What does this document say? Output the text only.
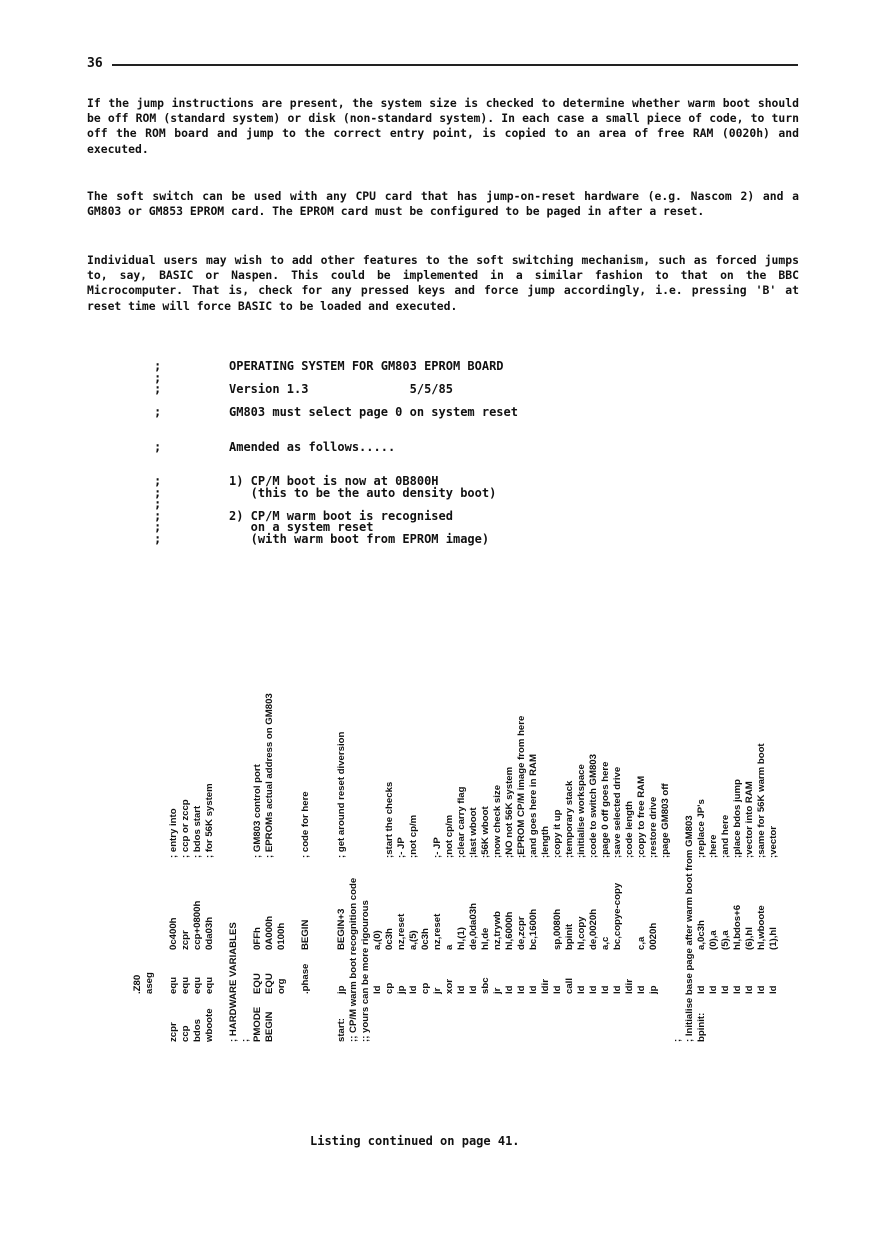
36

If the jump instructions are present, the system size is checked to determine whether warm boot should be off ROM (standard system) or disk (non-standard system). In each case a small piece of code, to turn off the ROM board and jump to the correct entry point, is copied to an area of free RAM (0020h) and executed.

The soft switch can be used with any CPU card that has jump-on-reset hardware (e.g. Nascom 2) and a GM803 or GM853 EPROM card. The EPROM card must be configured to be paged in after a reset.

Individual users may wish to add other features to the soft switching mechanism, such as forced jumps to, say, BASIC or Naspen. This could be implemented in a similar fashion to that on the BBC Microcomputer. That is, check for any pressed keys and force jump accordingly, i.e. pressing 'B' at reset time will force BASIC to be loaded and executed.

;
;
;

;

;

;
;
;
;
;
;
OPERATING SYSTEM FOR GM803 EPROM BOARD

Version 1.3              5/5/85

GM803 must select page 0 on system reset

Amended as follows.....

1) CP/M boot is now at 0B800H
(this to be the auto density boot)

2) CP/M warm boot is recognised
on a system reset
(with warm boot from EPROM image)
.Z80 aseg
zcpr
equ
0c400h
; entry into
ccp
equ
zcpr
; ccp or zccp
bdos
equ
ccp+0800h
; bdos start
wboote
equ
0da03h
; for 56K system
; HARDWARE VARIABLES ; PMODE
EQU
0FFh
; GM803 control port
BEGIN
EQU
0A000h
; EPROMs actual address on GM803
org
0100h
.phase
BEGIN
; code for here
start:
jp
BEGIN+3
; get around reset diversion
;; CP/M warm boot recognition code ;; yours can be more rigourous ld
a,(0)
cp
0c3h
;start the checks
jp
nz,reset
;- JP
ld
a,(5)
;not cp/m
cp
0c3h
jr
nz,reset
;- JP
xor
a
;not cp/m
ld
hl,(1)
;clear carry flag
ld
de,0da03h
;last wboot
sbc
hl,de
;56K wboot
jr
nz,trywb
;now check size
ld
hl,6000h
;NO not 56K system
ld
de,zcpr
;EPROM CP/M image from here
ld
bc,1600h
;and goes here in RAM
ldir
;length
ld
sp,0080h
;copy it up
call
bpinit
;temporary stack
ld
hl,copy
;initialise workspace
ld
de,0020h
;code to switch GM803
ld
a,c
;page 0 off goes here
ld
bc,copye-copy
;save selected drive
ldir
;code length
ld
c,a
;copy to free RAM
jp
0020h
;restore drive ;page GM803 off
; ; Initialise base page after warm boot from GM803 bpinit:
ld
a,0c3h
;replace JP's
ld
(0),a
;here
ld
(5),a
;and here
ld
hl,bdos+6
;place bdos jump
ld
(6),hl
;vector into RAM
ld
hl,wboote
;same for 56K warm boot
ld
(1),hl
;vector
Listing continued on page 41.
